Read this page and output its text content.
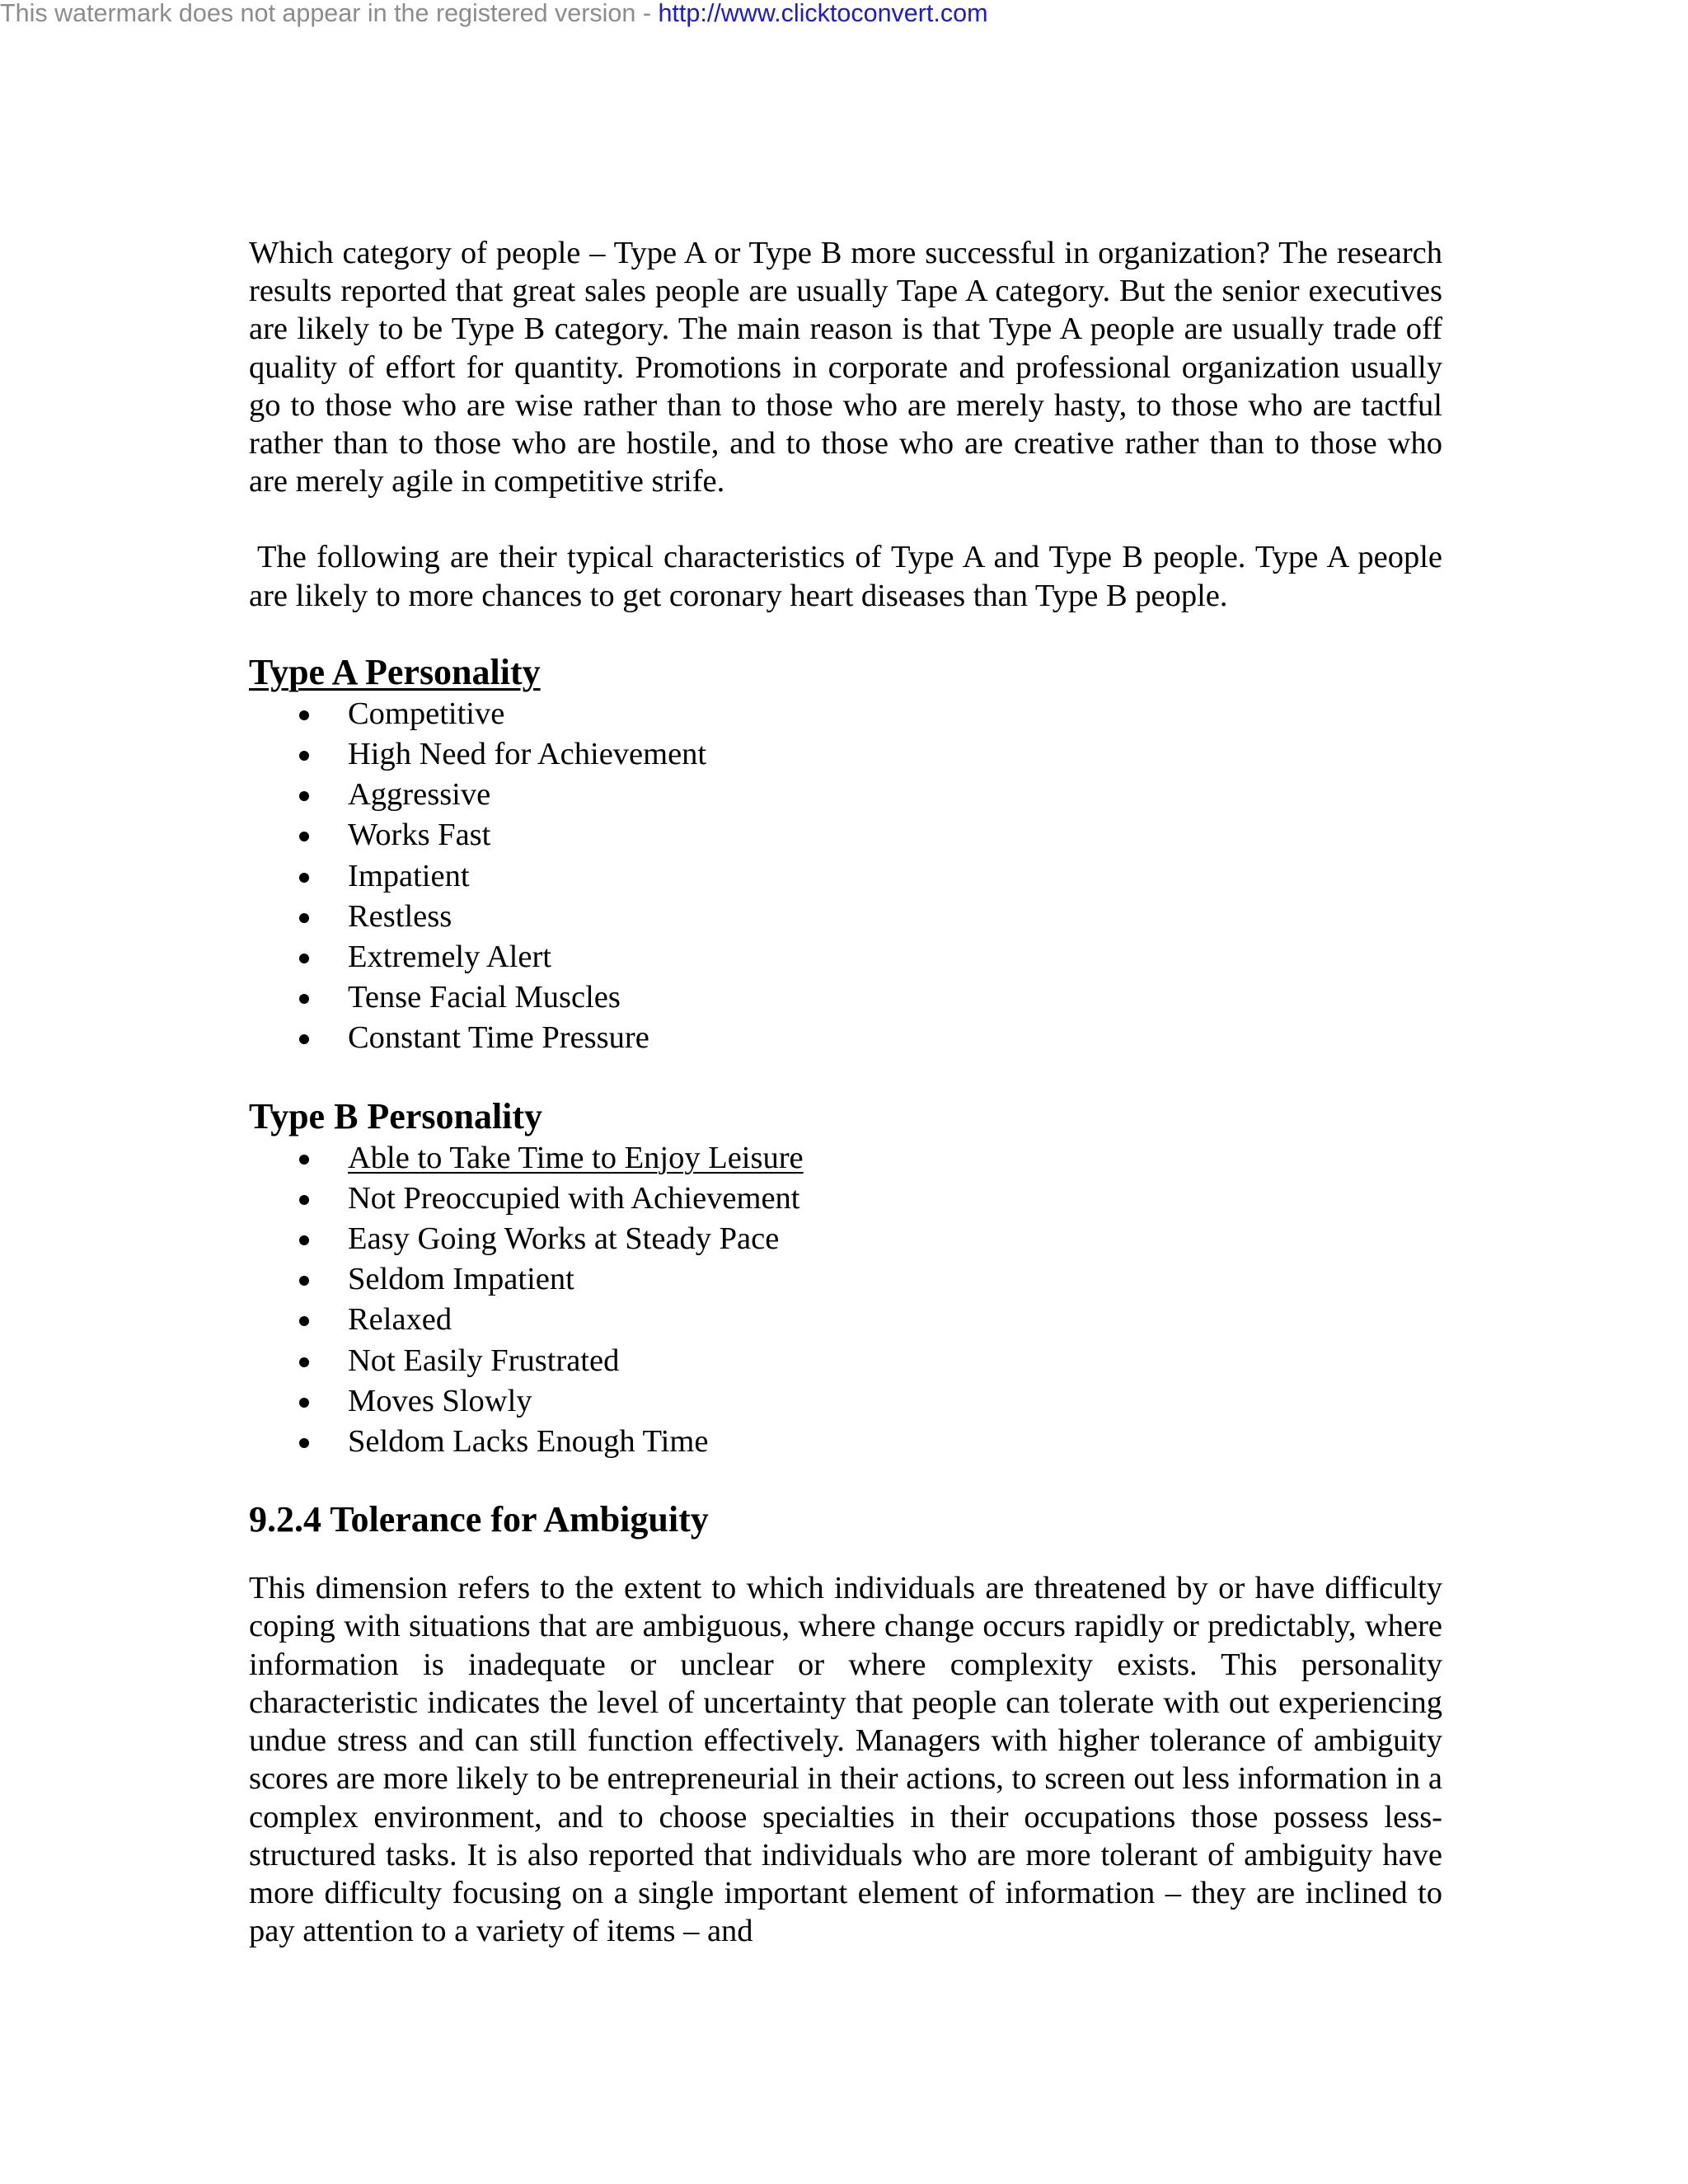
This watermark does not appear in the registered version - http://www.clicktoconvert.com

Which category of people – Type A or Type B more successful in organization? The research results reported that great sales people are usually Tape A category. But the senior executives are likely to be Type B category. The main reason is that Type A people are usually trade off quality of effort for quantity. Promotions in corporate and professional organization usually go to those who are wise rather than to those who are merely hasty, to those who are tactful rather than to those who are hostile, and to those who are creative rather than to those who are merely agile in competitive strife.

The following are their typical characteristics of Type A and Type B people. Type A people are likely to more chances to get coronary heart diseases than Type B people.

Type A Personality
Competitive
High Need for Achievement
Aggressive
Works Fast
Impatient
Restless
Extremely Alert
Tense Facial Muscles
Constant Time Pressure
Type B Personality
Able to Take Time to Enjoy Leisure
Not Preoccupied with Achievement
Easy Going Works at Steady Pace
Seldom Impatient
Relaxed
Not Easily Frustrated
Moves Slowly
Seldom Lacks Enough Time
9.2.4 Tolerance for Ambiguity

This dimension refers to the extent to which individuals are threatened by or have difficulty coping with situations that are ambiguous, where change occurs rapidly or predictably, where information is inadequate or unclear or where complexity exists. This personality characteristic indicates the level of uncertainty that people can tolerate with out experiencing undue stress and can still function effectively. Managers with higher tolerance of ambiguity scores are more likely to be entrepreneurial in their actions, to screen out less information in a complex environment, and to choose specialties in their occupations those possess less-structured tasks. It is also reported that individuals who are more tolerant of ambiguity have more difficulty focusing on a single important element of information – they are inclined to pay attention to a variety of items – and
